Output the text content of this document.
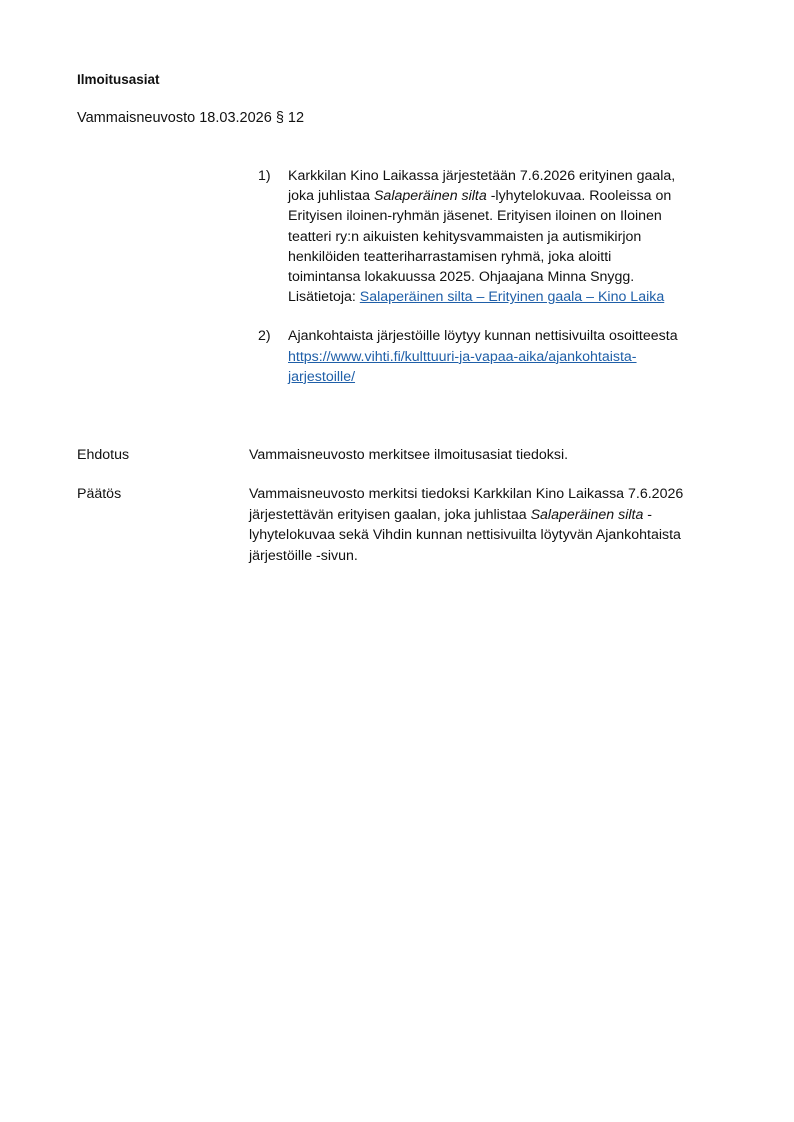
Ilmoitusasiat
Vammaisneuvosto 18.03.2026 § 12
1) Karkkilan Kino Laikassa järjestetään 7.6.2026 erityinen gaala, joka juhlistaa Salaperäinen silta -lyhytelokuvaa. Rooleissa on Erityisen iloinen-ryhmän jäsenet. Erityisen iloinen on Iloinen teatteri ry:n aikuisten kehitysvammaisten ja autismikirjon henkilöiden teatteriharrastamisen ryhmä, joka aloitti toimintansa lokakuussa 2025. Ohjaajana Minna Snygg. Lisätietoja: Salaperäinen silta – Erityinen gaala – Kino Laika
2) Ajankohtaista järjestöille löytyy kunnan nettisivuilta osoitteesta https://www.vihti.fi/kulttuuri-ja-vapaa-aika/ajankohtaista-jarjestoille/
Ehdotus	Vammaisneuvosto merkitsee ilmoitusasiat tiedoksi.
Päätös	Vammaisneuvosto merkitsi tiedoksi Karkkilan Kino Laikassa 7.6.2026 järjestettävän erityisen gaalan, joka juhlistaa Salaperäinen silta -lyhytelokuvaa sekä Vihdin kunnan nettisivuilta löytyvän Ajankohtaista järjestöille -sivun.
